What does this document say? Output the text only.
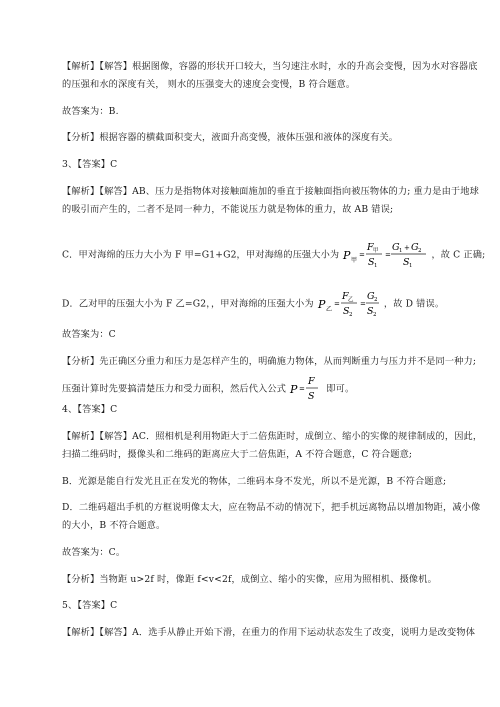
【解析】【解答】根据图像，容器的形状开口较大，当匀速注水时，水的升高会变慢，因为水对容器底
的压强和水的深度有关， 则水的压强变大的速度会变慢，B 符合题意。
故答案为：B.
【分析】根据容器的横截面积变大，液面升高变慢，液体压强和液体的深度有关。
3、【答案】C
【解析】【解答】AB、压力是指物体对接触面施加的垂直于接触面指向被压物体的力; 重力是由于地球
的吸引而产生的，二者不是同一种力，不能说压力就是物体的重力，故 AB 错误;
C．甲对海绵的压力大小为 F 甲=G1+G2，甲对海绵的压强大小为 P 甲
=
F 甲
S 1
=
G 1 + G 2
S 1
，故 C 正确;
D．乙对甲的压强大小为 F 乙=G2，，甲对海绵的压强大小为 P 乙
=
F 乙
S 2
=
G 2
S 2
，故 D 错误。
故答案为：C
【分析】先正确区分重力和压力是怎样产生的，明确施力物体，从而判断重力与压力并不是同一种力;
压强计算时先要搞清楚压力和受力面积，然后代入公式 P =
F
S
即可。
4、【答案】C
【解析】【解答】AC．照相机是利用物距大于二倍焦距时，成倒立、缩小的实像的规律制成的，因此，
扫描二维码时，摄像头和二维码的距离应大于二倍焦距，A 不符合题意，C 符合题意;
B．光源是能自行发光且正在发光的物体，二维码本身不发光，所以不是光源，B 不符合题意;
D．二维码超出手机的方框说明像太大，应在物品不动的情况下，把手机远离物品以增加物距，减小像
的大小，B 不符合题意。
故答案为：C。
【分析】当物距 u>2f 时，像距 f<v<2f，成倒立、缩小的实像，应用为照相机、摄像机。
5、【答案】C
【解析】【解答】A．选手从静止开始下滑，在重力的作用下运动状态发生了改变，说明力是改变物体
